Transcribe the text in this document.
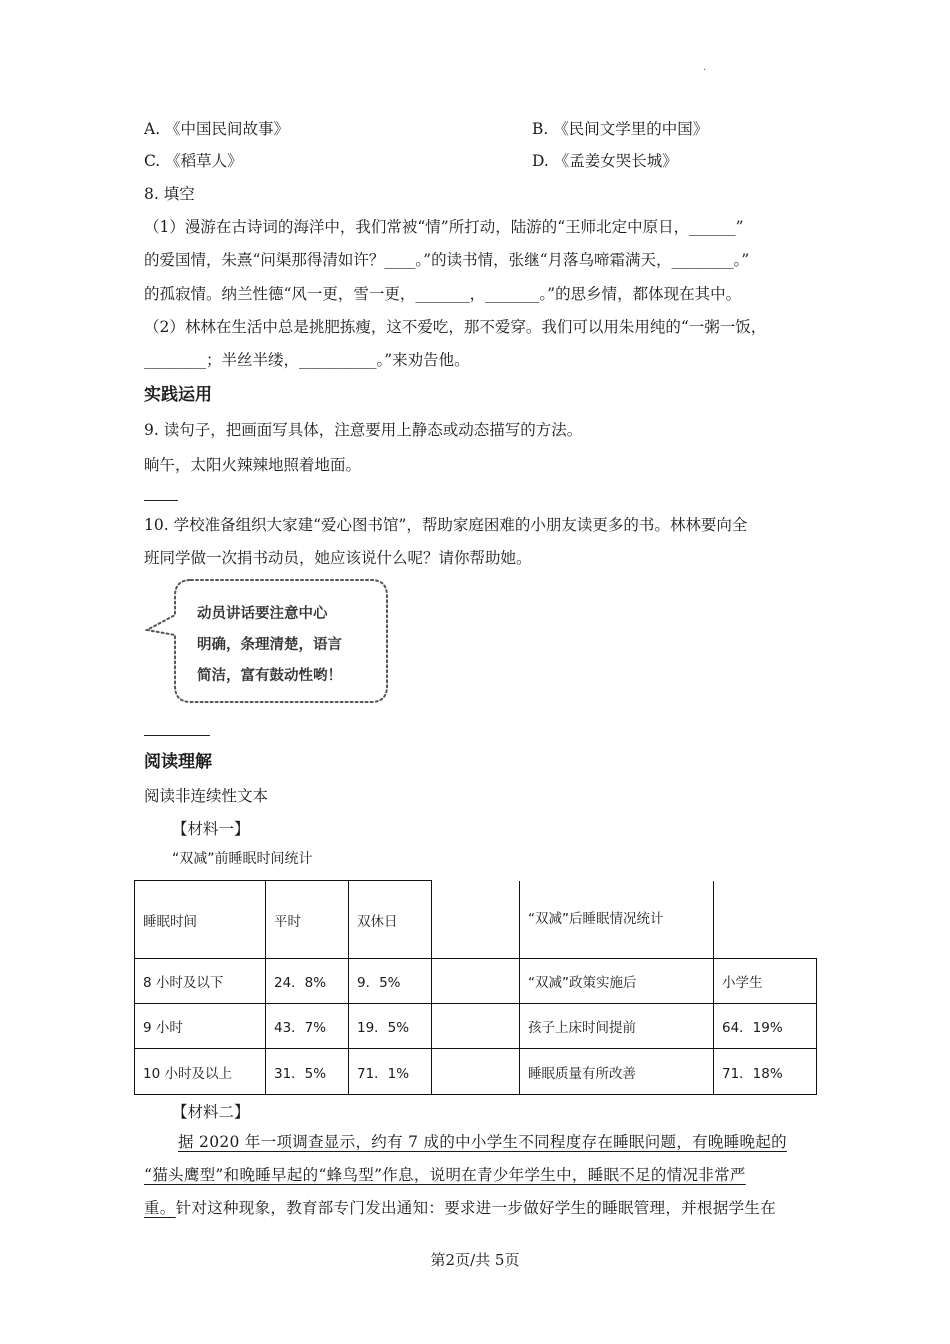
.
A. 《中国民间故事》	B. 《民间文学里的中国》
C. 《稻草人》	D. 《孟姜女哭长城》
8. 填空
（1）漫游在古诗词的海洋中，我们常被“情”所打动，陆游的“王师北定中原日，______”
的爱国情，朱熹“问渠那得清如许？____。”的读书情，张继“月落乌啼霜满天，________。”
的孤寂情。纳兰性德“风一更，雪一更，_______，_______。”的思乡情，都体现在其中。
（2）林林在生活中总是挑肥拣瘦，这不爱吃，那不爱穿。我们可以用朱用纯的“一粥一饭，
________；半丝半缕，__________。”来劝告他。
实践运用
9. 读句子，把画面写具体，注意要用上静态或动态描写的方法。
晌午，太阳火辣辣地照着地面。
10. 学校准备组织大家建“爱心图书馆”，帮助家庭困难的小朋友读更多的书。林林要向全
班同学做一次捐书动员，她应该说什么呢？请你帮助她。
动员讲话要注意中心
明确，条理清楚，语言
简洁，富有鼓动性哟！
阅读理解
阅读非连续性文本
【材料一】
“双减”前睡眠时间统计
睡眠时间	平时	双休日		“双减”后睡眠情况统计	
8 小时及以下	24．8%	9．5%		“双减”政策实施后	小学生
9 小时	43．7%	19．5%		孩子上床时间提前	64．19%
10 小时及以上	31．5%	71．1%		睡眠质量有所改善	71．18%
【材料二】
据 2020 年一项调查显示，约有 7 成的中小学生不同程度存在睡眠问题，有晚睡晚起的
“猫头鹰型”和晚睡早起的“蜂鸟型”作息，说明在青少年学生中，睡眠不足的情况非常严
重。针对这种现象，教育部专门发出通知：要求进一步做好学生的睡眠管理，并根据学生在
第2页/共 5页
